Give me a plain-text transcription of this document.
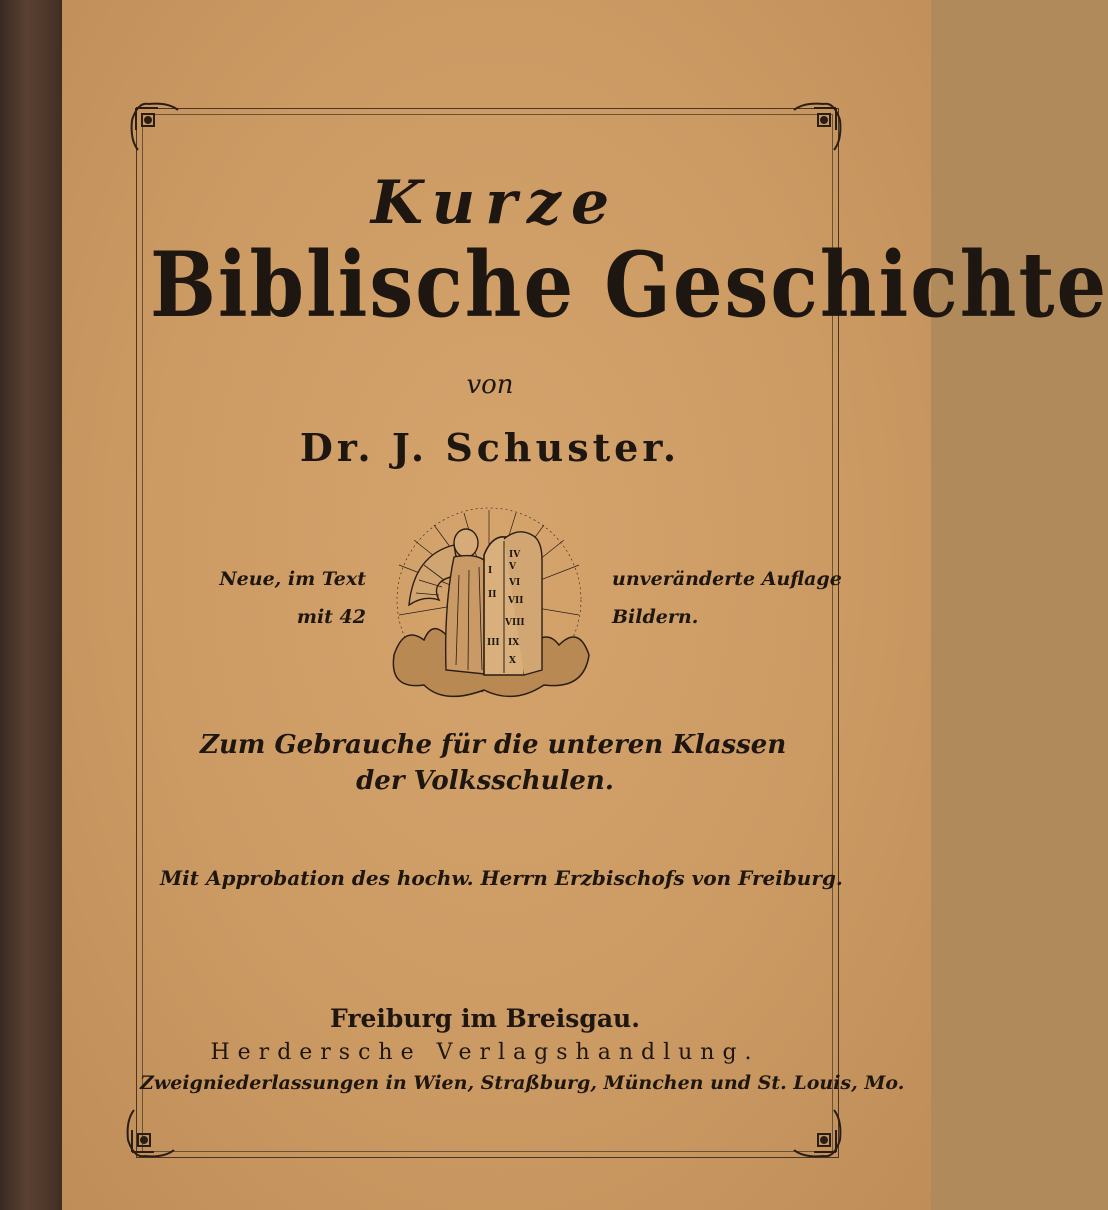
Kurze
Biblische Geschichte
von
Dr. J. Schuster.
Neue, im Text
mit 42
unveränderte Auflage
Bildern.
I
II
III
IV
V
VI
VII
VIII
IX
X
Zum Gebrauche für die unteren Klassen
der Volksschulen.
Mit Approbation des hochw. Herrn Erzbischofs von Freiburg.
Freiburg im Breisgau.
Herdersche Verlagshandlung.
Zweigniederlassungen in Wien, Straßburg, München und St. Louis, Mo.
